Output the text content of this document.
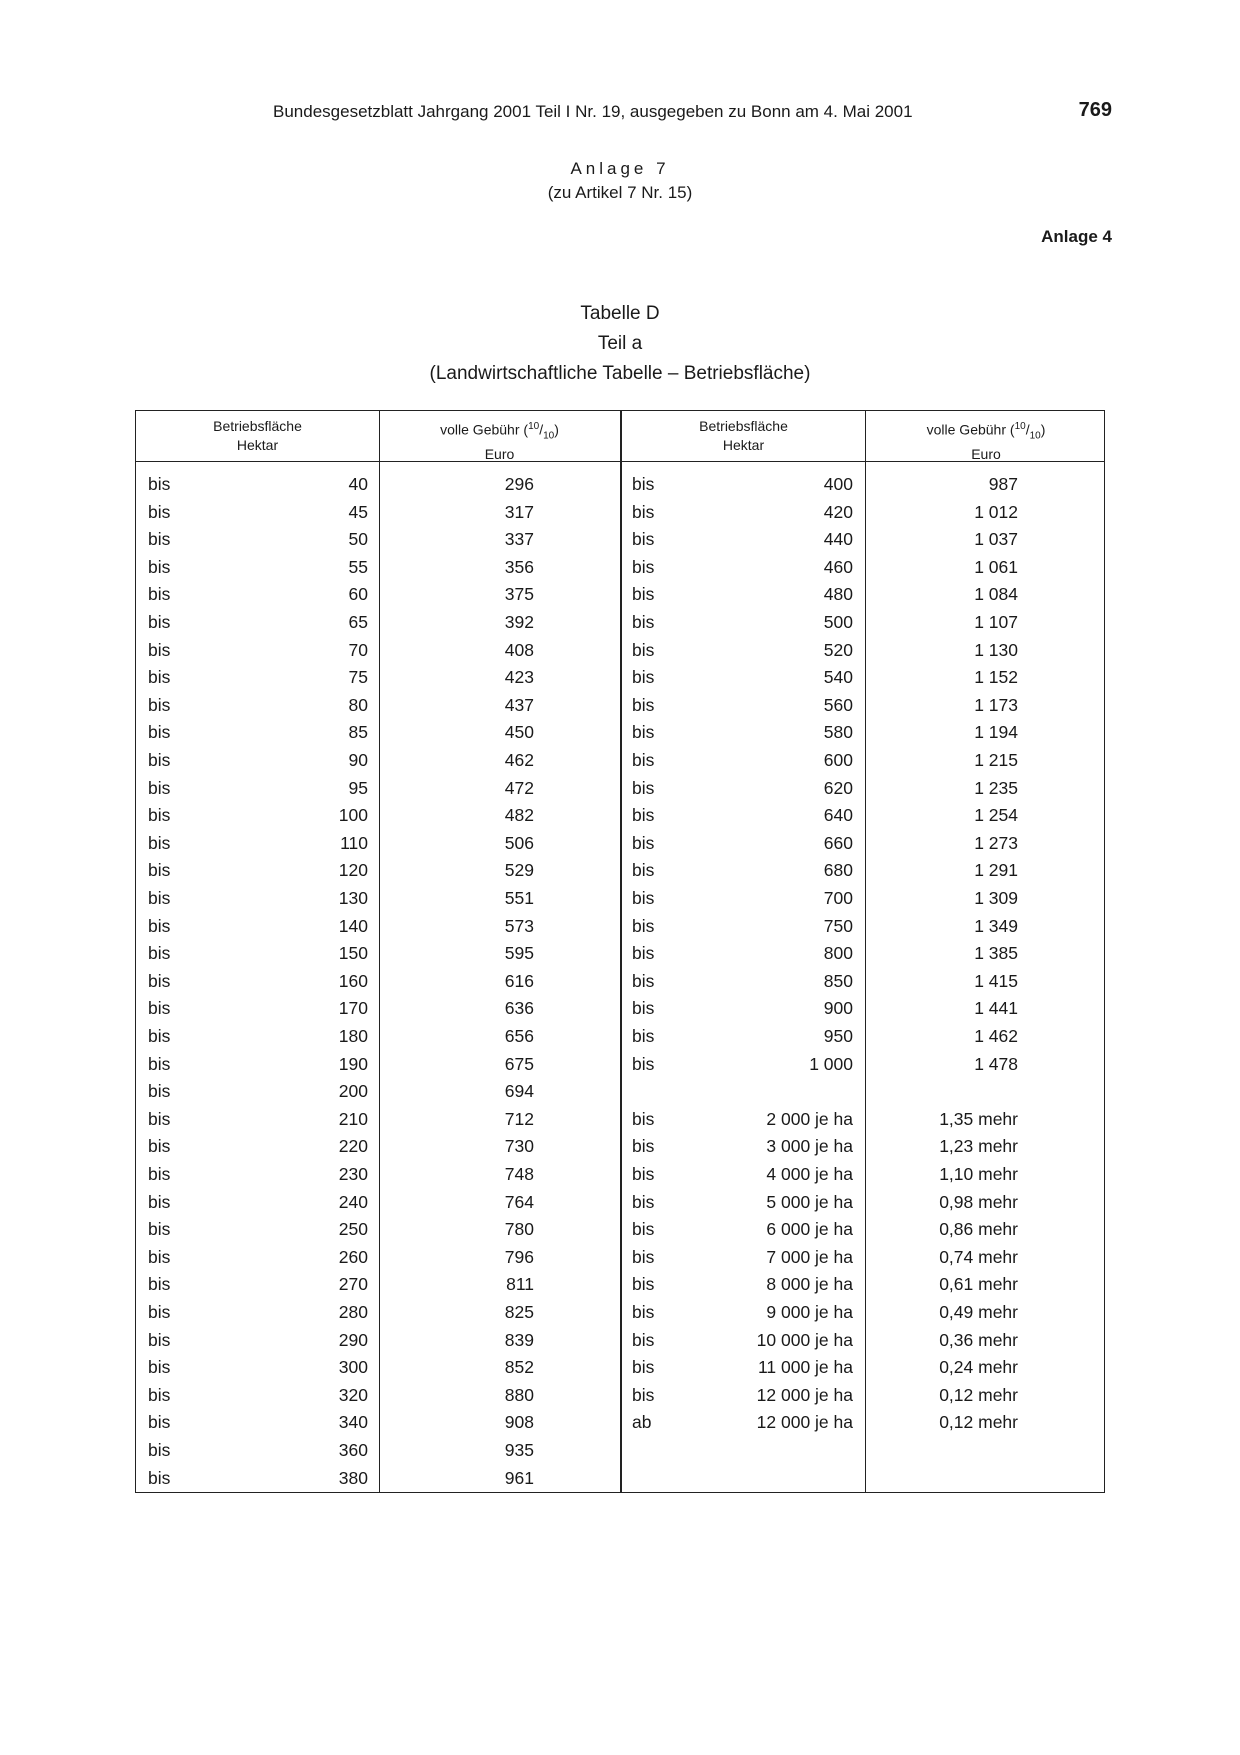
Bundesgesetzblatt Jahrgang 2001 Teil I Nr. 19, ausgegeben zu Bonn am 4. Mai 2001	769
Anlage 7
(zu Artikel 7 Nr. 15)
Anlage 4
Tabelle D
Teil a
(Landwirtschaftliche Tabelle – Betriebsfläche)
Betriebsfläche
Hektar
volle Gebühr $(^{10}/_{10})$
Euro
Betriebsfläche
Hektar
volle Gebühr $(^{10}/_{10})$
Euro
bis	40	296	bis	400	987
bis	45	317	bis	420	1 012
bis	50	337	bis	440	1 037
bis	55	356	bis	460	1 061
bis	60	375	bis	480	1 084
bis	65	392	bis	500	1 107
bis	70	408	bis	520	1 130
bis	75	423	bis	540	1 152
bis	80	437	bis	560	1 173
bis	85	450	bis	580	1 194
bis	90	462	bis	600	1 215
bis	95	472	bis	620	1 235
bis	100	482	bis	640	1 254
bis	110	506	bis	660	1 273
bis	120	529	bis	680	1 291
bis	130	551	bis	700	1 309
bis	140	573	bis	750	1 349
bis	150	595	bis	800	1 385
bis	160	616	bis	850	1 415
bis	170	636	bis	900	1 441
bis	180	656	bis	950	1 462
bis	190	675	bis	1 000	1 478
bis	200	694
bis	210	712	bis	2 000 je ha	1,35 mehr
bis	220	730	bis	3 000 je ha	1,23 mehr
bis	230	748	bis	4 000 je ha	1,10 mehr
bis	240	764	bis	5 000 je ha	0,98 mehr
bis	250	780	bis	6 000 je ha	0,86 mehr
bis	260	796	bis	7 000 je ha	0,74 mehr
bis	270	811	bis	8 000 je ha	0,61 mehr
bis	280	825	bis	9 000 je ha	0,49 mehr
bis	290	839	bis	10 000 je ha	0,36 mehr
bis	300	852	bis	11 000 je ha	0,24 mehr
bis	320	880	bis	12 000 je ha	0,12 mehr
bis	340	908	ab	12 000 je ha	0,12 mehr
bis	360	935
bis	380	961
